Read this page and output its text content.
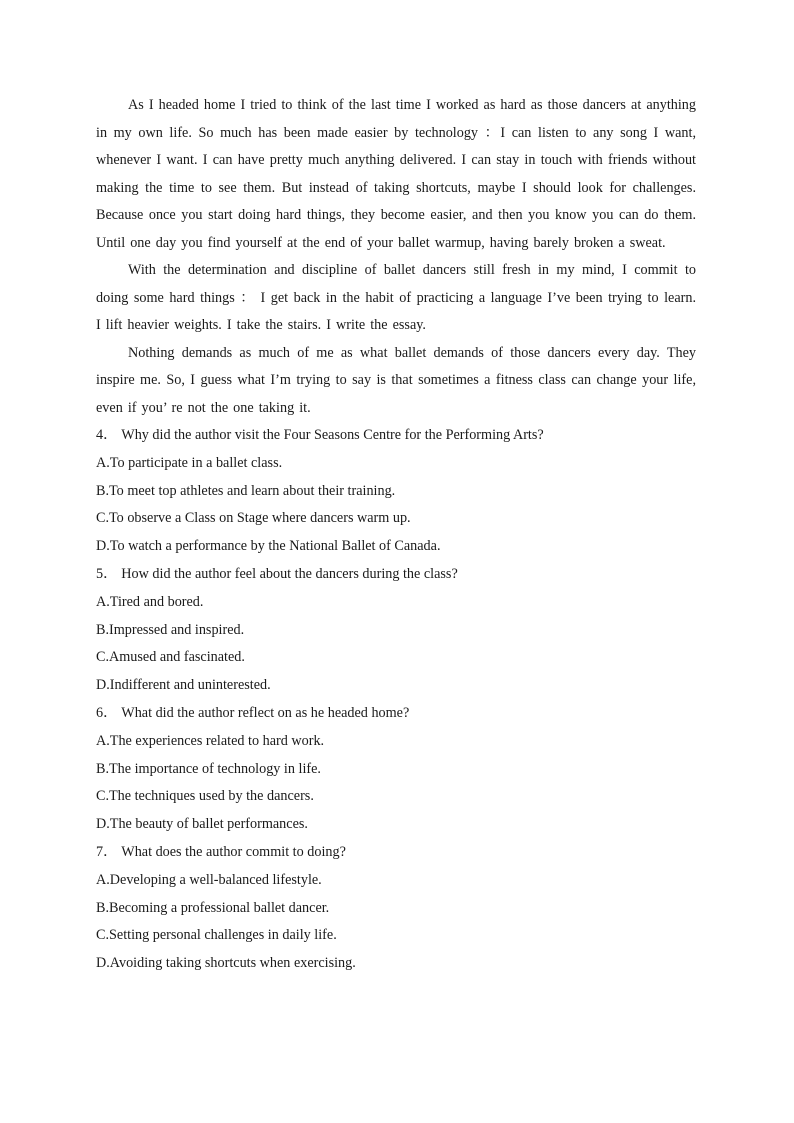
As I headed home I tried to think of the last time I worked as hard as those dancers at anything in my own life. So much has been made easier by technology ：I can listen to any song I want, whenever I want. I can have pretty much anything delivered. I can stay in touch with friends without making the time to see them. But instead of taking shortcuts, maybe I should look for challenges. Because once you start doing hard things, they become easier, and then you know you can do them. Until one day you find yourself at the end of your ballet warmup, having barely broken a sweat.

With the determination and discipline of ballet dancers still fresh in my mind, I commit to doing some hard things ： I get back in the habit of practicing a language I’ve been trying to learn. I lift heavier weights. I take the stairs. I write the essay.

Nothing demands as much of me as what ballet demands of those dancers every day. They inspire me. So, I guess what I’m trying to say is that sometimes a fitness class can change your life, even if you’ re not the one taking it.

4． Why did the author visit the Four Seasons Centre for the Performing Arts?

A.To participate in a ballet class.

B.To meet top athletes and learn about their training.

C.To observe a Class on Stage where dancers warm up.

D.To watch a performance by the National Ballet of Canada.

5． How did the author feel about the dancers during the class?

A.Tired and bored.

B.Impressed and inspired.

C.Amused and fascinated.

D.Indifferent and uninterested.

6． What did the author reflect on as he headed home?

A.The experiences related to hard work.

B.The importance of technology in life.

C.The techniques used by the dancers.

D.The beauty of ballet performances.

7． What does the author commit to doing?

A.Developing a well-balanced lifestyle.

B.Becoming a professional ballet dancer.

C.Setting personal challenges in daily life.

D.Avoiding taking shortcuts when exercising.
